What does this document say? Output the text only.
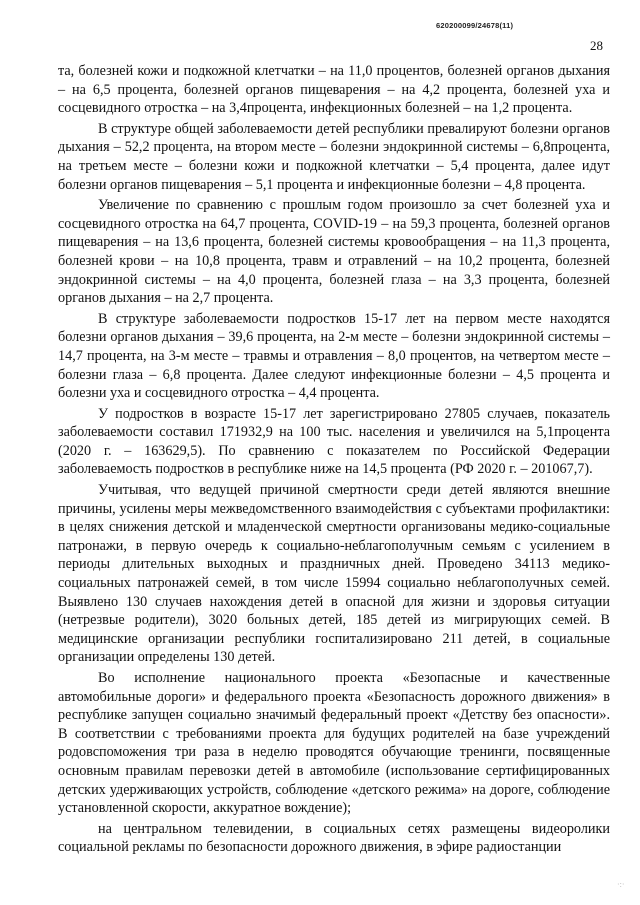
620200099/24678(11)
28

та, болезней кожи и подкожной клетчатки – на 11,0 процентов, болезней органов дыхания – на 6,5 процента, болезней органов пищеварения – на 4,2 процента, болезней уха и сосцевидного отростка – на 3,4процента, инфекционных болезней – на 1,2 процента.

В структуре общей заболеваемости детей республики превалируют болезни органов дыхания – 52,2 процента, на втором месте – болезни эндокринной системы – 6,8процента, на третьем месте – болезни кожи и подкожной клетчатки – 5,4 процента, далее идут болезни органов пищеварения – 5,1 процента и инфекционные болезни – 4,8 процента.

Увеличение по сравнению с прошлым годом произошло за счет болезней уха и сосцевидного отростка на 64,7 процента, COVID-19 – на 59,3 процента, болезней органов пищеварения – на 13,6 процента, болезней системы кровообращения – на 11,3 процента, болезней крови – на 10,8 процента, травм и отравлений – на 10,2 процента, болезней эндокринной системы – на 4,0 процента, болезней глаза – на 3,3 процента, болезней органов дыхания – на 2,7 процента.

В структуре заболеваемости подростков 15-17 лет на первом месте находятся болезни органов дыхания – 39,6 процента, на 2-м месте – болезни эндокринной системы – 14,7 процента, на 3-м месте – травмы и отравления – 8,0 процентов, на четвертом месте – болезни глаза – 6,8 процента. Далее следуют инфекционные болезни – 4,5 процента и болезни уха и сосцевидного отростка – 4,4 процента.

У подростков в возрасте 15-17 лет зарегистрировано 27805 случаев, показатель заболеваемости составил 171932,9 на 100 тыс. населения и увеличился на 5,1процента (2020 г. – 163629,5). По сравнению с показателем по Российской Федерации заболеваемость подростков в республике ниже на 14,5 процента (РФ 2020 г. – 201067,7).

Учитывая, что ведущей причиной смертности среди детей являются внешние причины, усилены меры межведомственного взаимодействия с субъектами профилактики: в целях снижения детской и младенческой смертности организованы медико-социальные патронажи, в первую очередь к социально-неблагополучным семьям с усилением в периоды длительных выходных и праздничных дней. Проведено 34113 медико-социальных патронажей семей, в том числе 15994 социально неблагополучных семей. Выявлено 130 случаев нахождения детей в опасной для жизни и здоровья ситуации (нетрезвые родители), 3020 больных детей, 185 детей из мигрирующих семей. В медицинские организации республики госпитализировано 211 детей, в социальные организации определены 130 детей.

Во исполнение национального проекта «Безопасные и качественные автомобильные дороги» и федерального проекта «Безопасность дорожного движения» в республике запущен социально значимый федеральный проект «Детству без опасности». В соответствии с требованиями проекта для будущих родителей на базе учреждений родовспоможения три раза в неделю проводятся обучающие тренинги, посвященные основным правилам перевозки детей в автомобиле (использование сертифицированных детских удерживающих устройств, соблюдение «детского режима» на дороге, соблюдение установленной скорости, аккуратное вождение);

на центральном телевидении, в социальных сетях размещены видеоролики социальной рекламы по безопасности дорожного движения, в эфире радиостанции

·:·
